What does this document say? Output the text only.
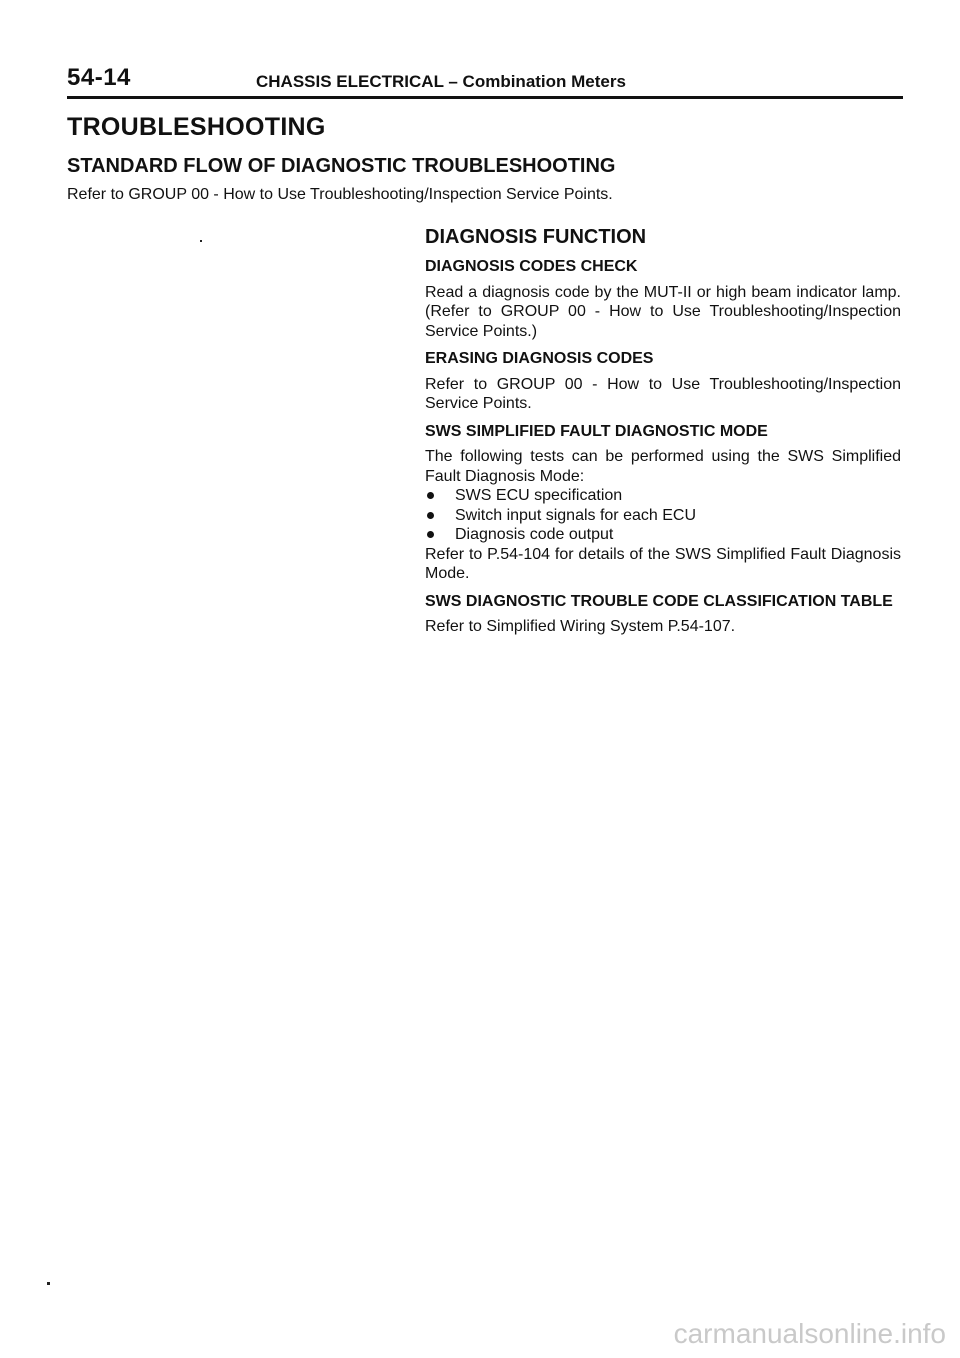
54-14	CHASSIS ELECTRICAL – Combination Meters
TROUBLESHOOTING
STANDARD FLOW OF DIAGNOSTIC TROUBLESHOOTING
Refer to GROUP 00 - How to Use Troubleshooting/Inspection Service Points.
DIAGNOSIS FUNCTION
DIAGNOSIS CODES CHECK
Read a diagnosis code by the MUT-II or high beam indicator lamp. (Refer to GROUP 00 - How to Use Troubleshooting/Inspection Service Points.)
ERASING DIAGNOSIS CODES
Refer to GROUP 00 - How to Use Troubleshooting/Inspection Service Points.
SWS SIMPLIFIED FAULT DIAGNOSTIC MODE
The following tests can be performed using the SWS Simplified Fault Diagnosis Mode:
SWS ECU specification
Switch input signals for each ECU
Diagnosis code output
Refer to P.54-104 for details of the SWS Simplified Fault Diagnosis Mode.
SWS DIAGNOSTIC TROUBLE CODE CLASSIFICATION TABLE
Refer to Simplified Wiring System P.54-107.
carmanualsonline.info
